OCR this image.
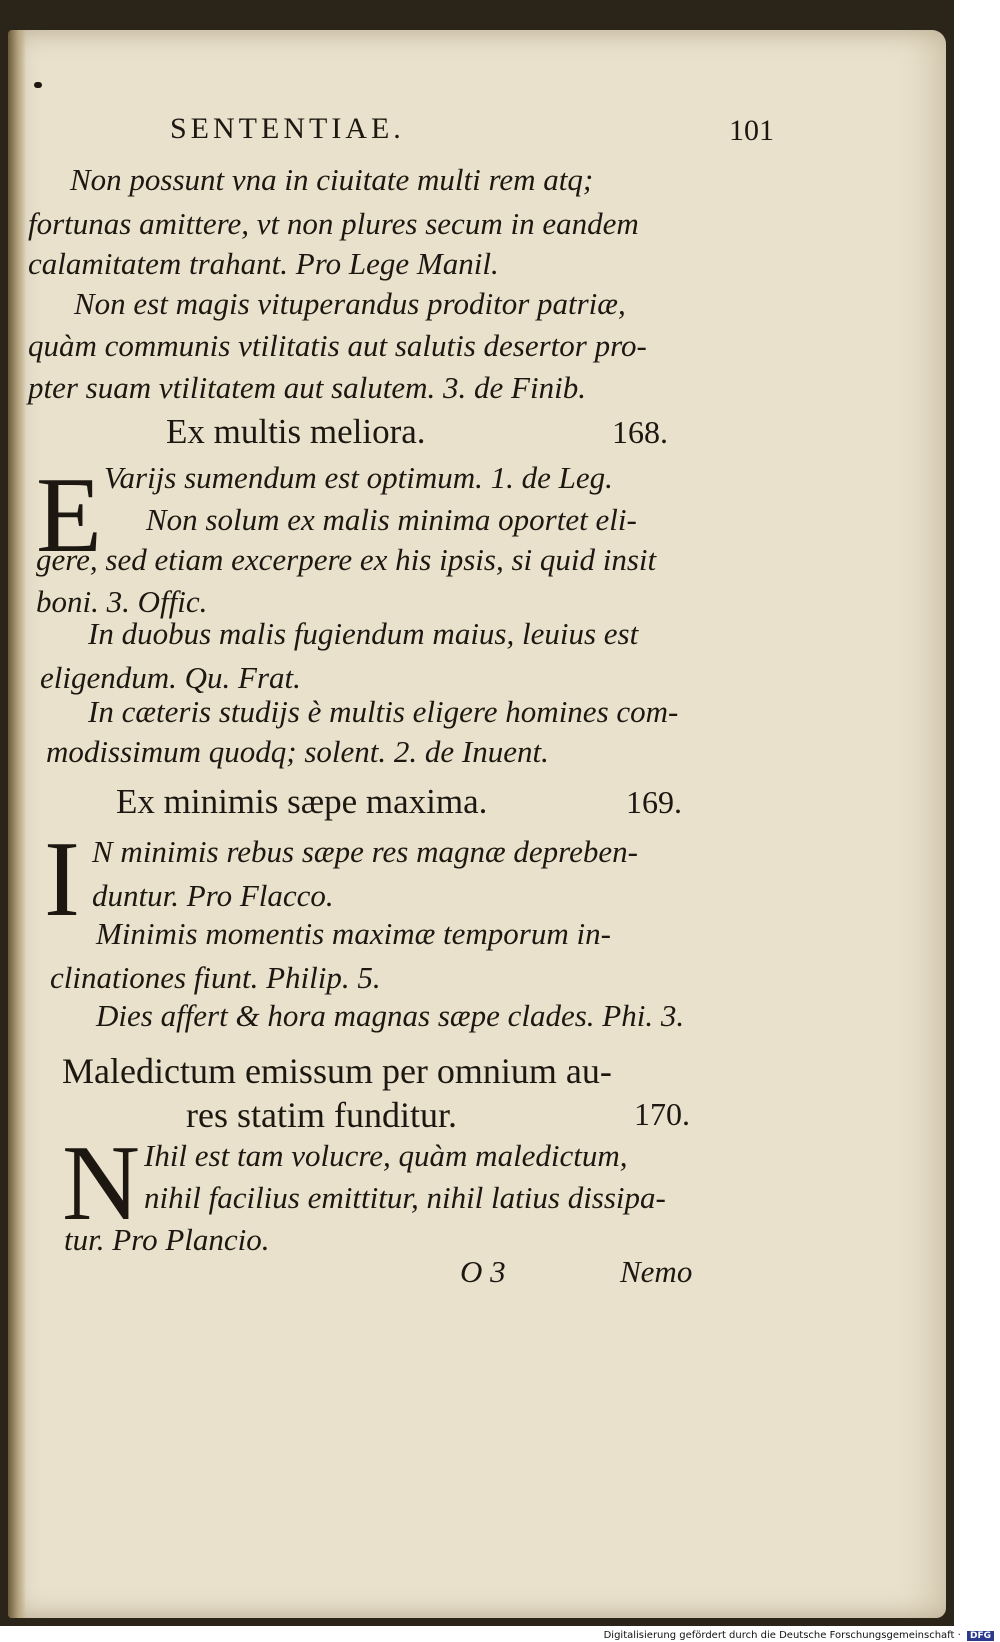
SENTENTIAE.	101
Non possunt vna in ciuitate multi rem atq;
fortunas amittere, vt non plures secum in eandem
calamitatem trahant. Pro Lege Manil.
Non est magis vituperandus proditor patriæ,
quàm communis vtilitatis aut salutis desertor pro-
pter suam vtilitatem aut salutem. 3. de Finib.
Ex multis meliora.	168.
E Varijs sumendum est optimum. 1. de Leg.
Non solum ex malis minima oportet eli-
gere, sed etiam excerpere ex his ipsis, si quid insit
boni. 3. Offic.
In duobus malis fugiendum maius, leuius est
eligendum. Qu. Frat.
In cæteris studijs è multis eligere homines com-
modissimum quodq; solent. 2. de Inuent.
Ex minimis sæpe maxima.	169.
I N minimis rebus sæpe res magnæ depreben-
duntur. Pro Flacco.
Minimis momentis maximæ temporum in-
clinationes fiunt. Philip. 5.
Dies affert & hora magnas sæpe clades. Phi. 3.
Maledictum emissum per omnium au-
res statim funditur.	170.
N Ihil est tam volucre, quàm maledictum,
nihil facilius emittitur, nihil latius dissipa-
tur. Pro Plancio.
O 3	Nemo
Digitalisierung gefördert durch die Deutsche Forschungsgemeinschaft · DFG
